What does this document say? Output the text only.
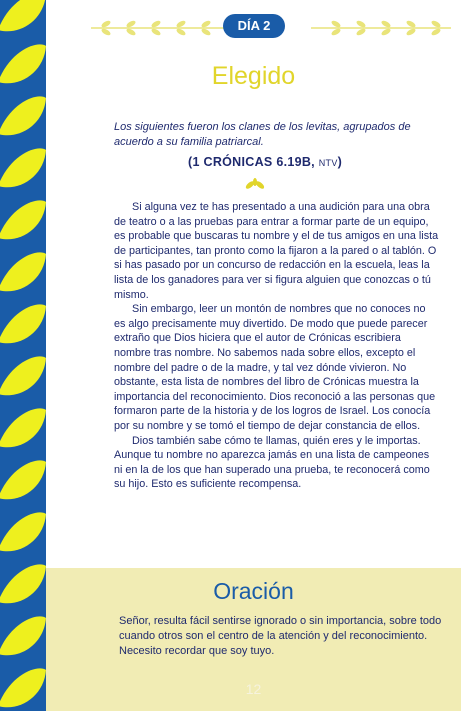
DÍA 2
Elegido
Los siguientes fueron los clanes de los levitas, agrupados de acuerdo a su familia patriarcal.
(1 CRÓNICAS 6.19B, NTV)

Si alguna vez te has presentado a una audición para una obra de teatro o a las pruebas para entrar a formar parte de un equipo, es probable que buscaras tu nombre y el de tus amigos en una lista de participantes, tan pronto como la fijaron a la pared o al tablón. O si has pasado por un concurso de redacción en la escuela, leas la lista de los ganadores para ver si figura alguien que conozcas o tú mismo.

Sin embargo, leer un montón de nombres que no conoces no es algo precisamente muy divertido. De modo que puede parecer extraño que Dios hiciera que el autor de Crónicas escribiera nombre tras nombre. No sabemos nada sobre ellos, excepto el nombre del padre o de la madre, y tal vez dónde vivieron. No obstante, esta lista de nombres del libro de Crónicas muestra la importancia del reconocimiento. Dios reconoció a las personas que formaron parte de la historia y de los logros de Israel. Los conocía por su nombre y se tomó el tiempo de dejar constancia de ellos.

Dios también sabe cómo te llamas, quién eres y le importas. Aunque tu nombre no aparezca jamás en una lista de campeones ni en la de los que han superado una prueba, te reconocerá como su hijo. Esto es suficiente recompensa.

Oración
Señor, resulta fácil sentirse ignorado o sin importancia, sobre todo cuando otros son el centro de la atención y del reconocimiento. Necesito recordar que soy tuyo.
12
